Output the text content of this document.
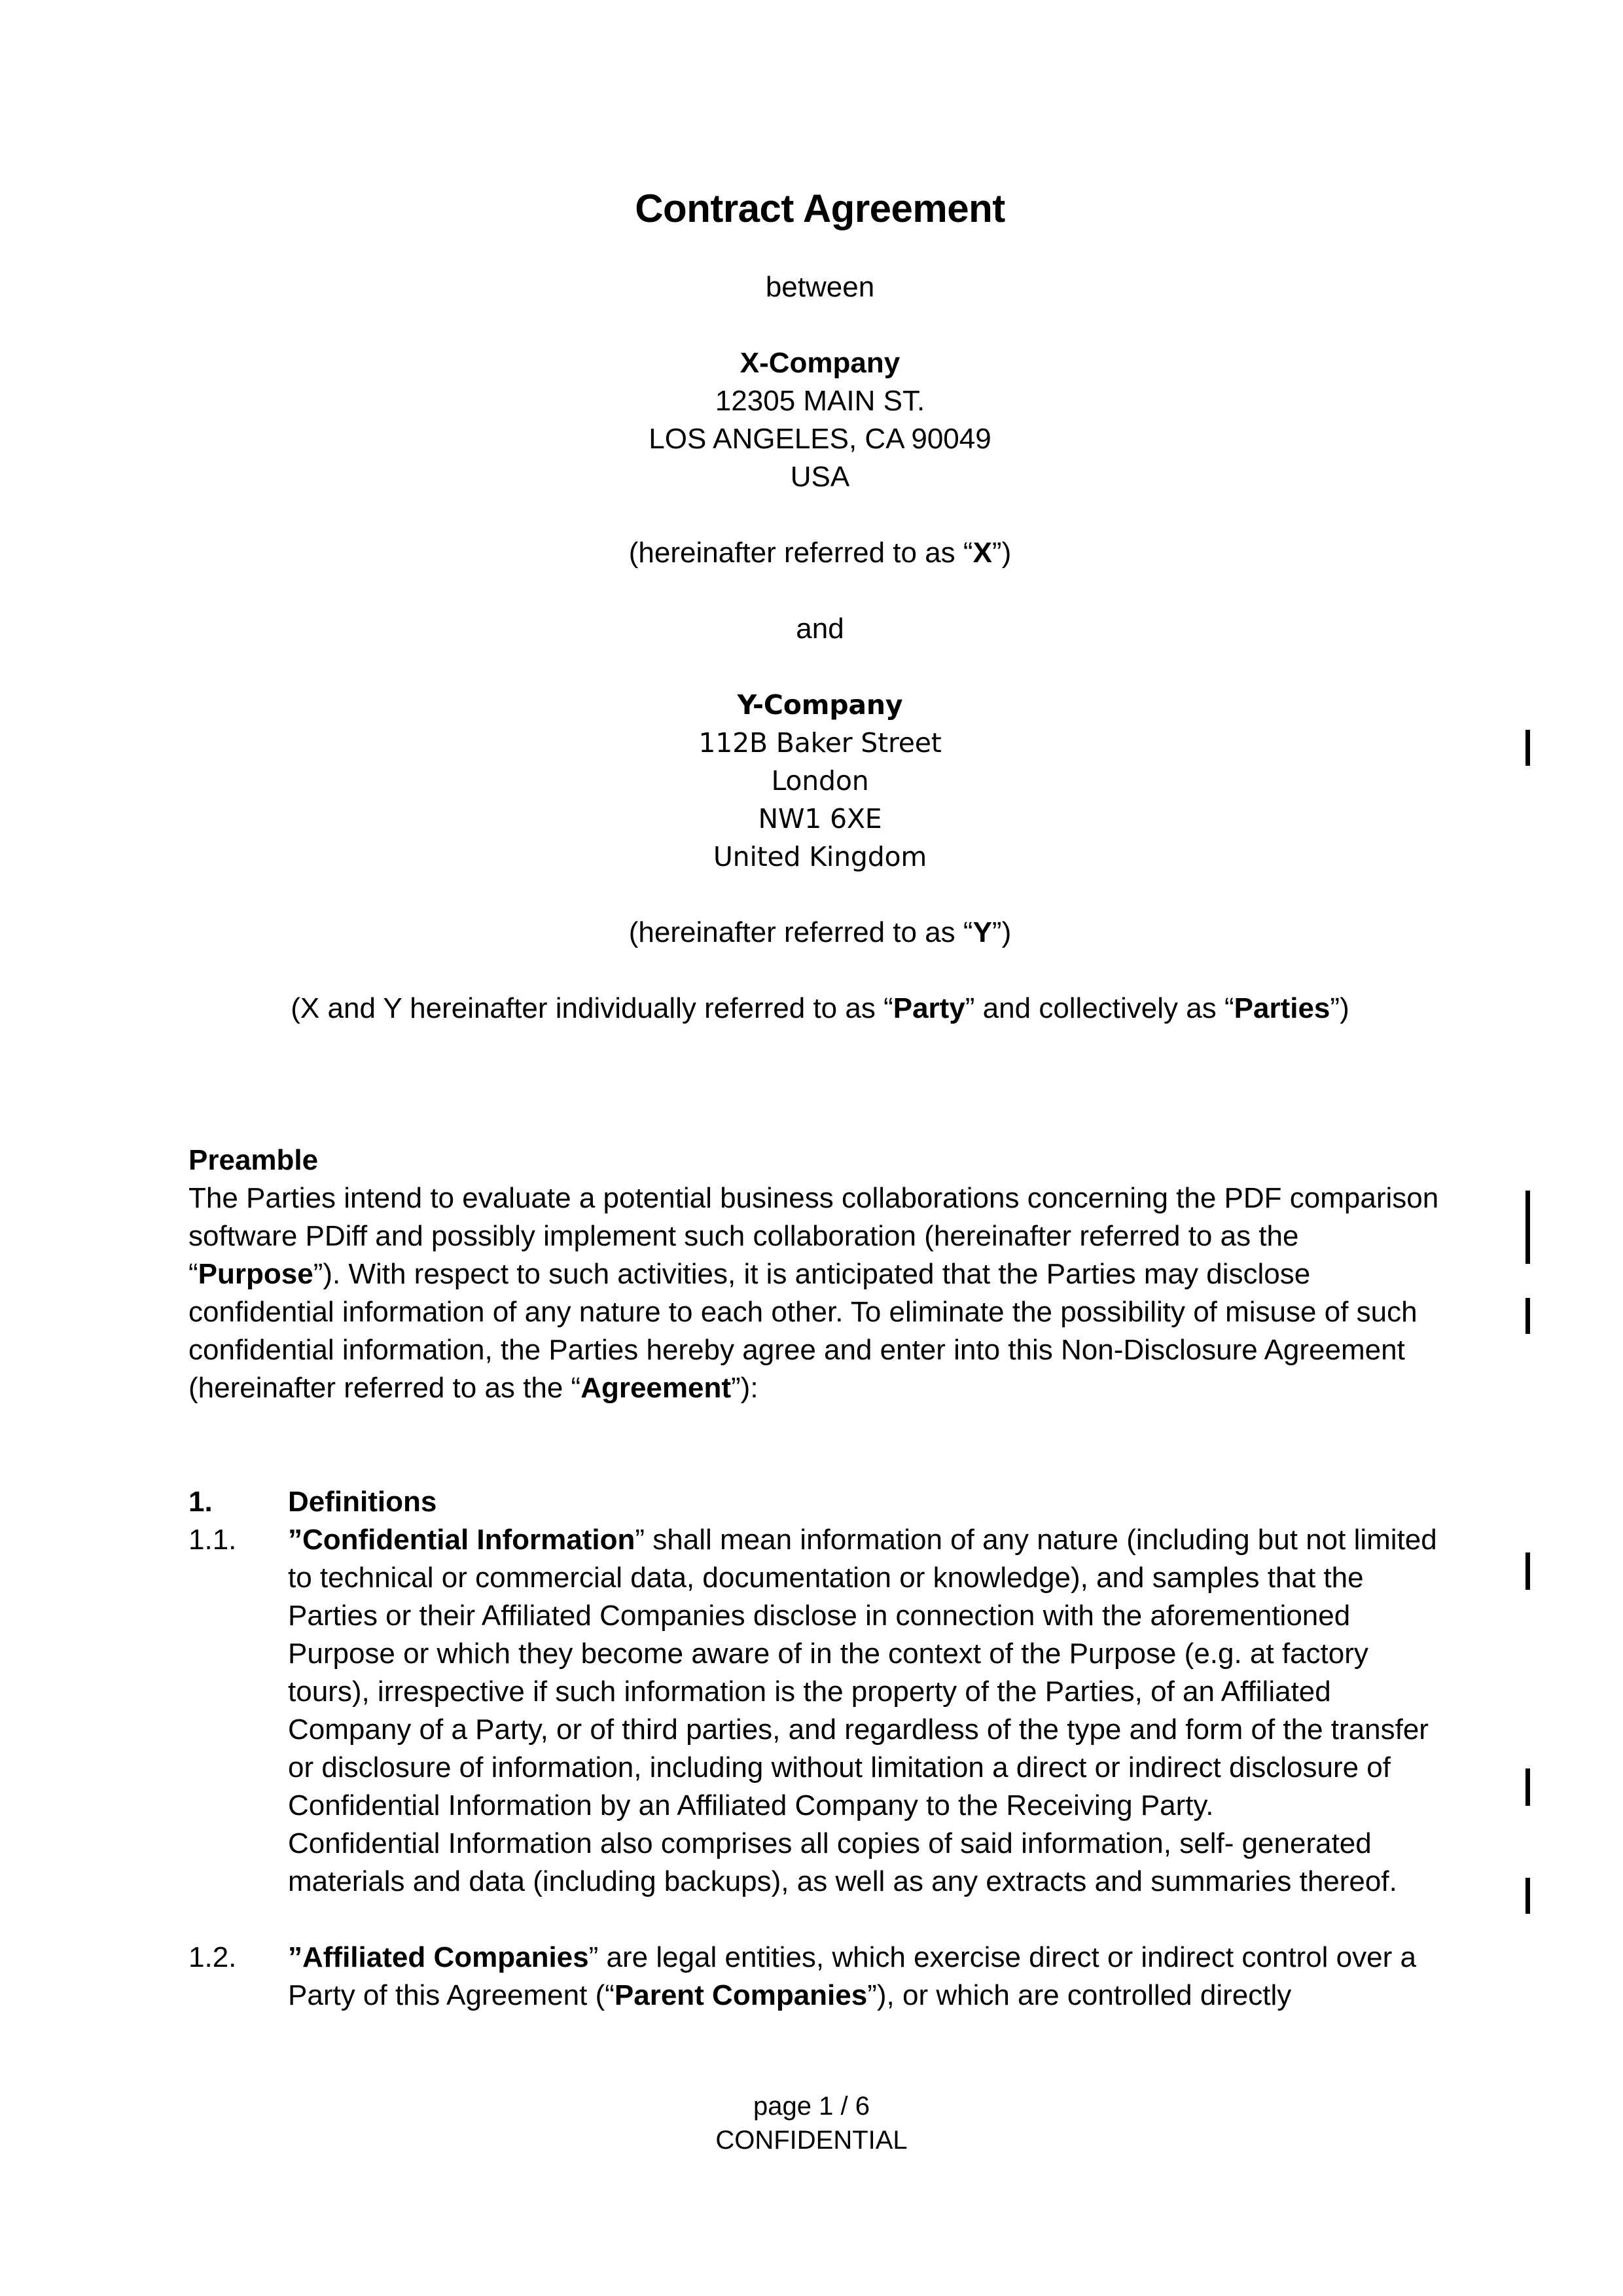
Contract Agreement
between
X-Company
12305 MAIN ST.
LOS ANGELES, CA 90049
USA
(hereinafter referred to as “X”)
and
Y-Company
112B Baker Street
London
NW1 6XE
United Kingdom
(hereinafter referred to as “Y”)
(X and Y hereinafter individually referred to as “Party” and collectively as “Parties”)
Preamble
The Parties intend to evaluate a potential business collaborations concerning the PDF comparison software PDiff and possibly implement such collaboration (hereinafter referred to as the “Purpose”). With respect to such activities, it is anticipated that the Parties may disclose confidential information of any nature to each other. To eliminate the possibility of misuse of such confidential information, the Parties hereby agree and enter into this Non-Disclosure Agreement (hereinafter referred to as the “Agreement”):
1.	Definitions
1.1.	”Confidential Information” shall mean information of any nature (including but not limited to technical or commercial data, documentation or knowledge), and samples that the Parties or their Affiliated Companies disclose in connection with the aforementioned Purpose or which they become aware of in the context of the Purpose (e.g. at factory tours), irrespective if such information is the property of the Parties, of an Affiliated Company of a Party, or of third parties, and regardless of the type and form of the transfer or disclosure of information, including without limitation a direct or indirect disclosure of Confidential Information by an Affiliated Company to the Receiving Party.
Confidential Information also comprises all copies of said information, self- generated materials and data (including backups), as well as any extracts and summaries thereof.
1.2.	”Affiliated Companies” are legal entities, which exercise direct or indirect control over a Party of this Agreement (“Parent Companies”), or which are controlled directly
page 1 / 6
CONFIDENTIAL
